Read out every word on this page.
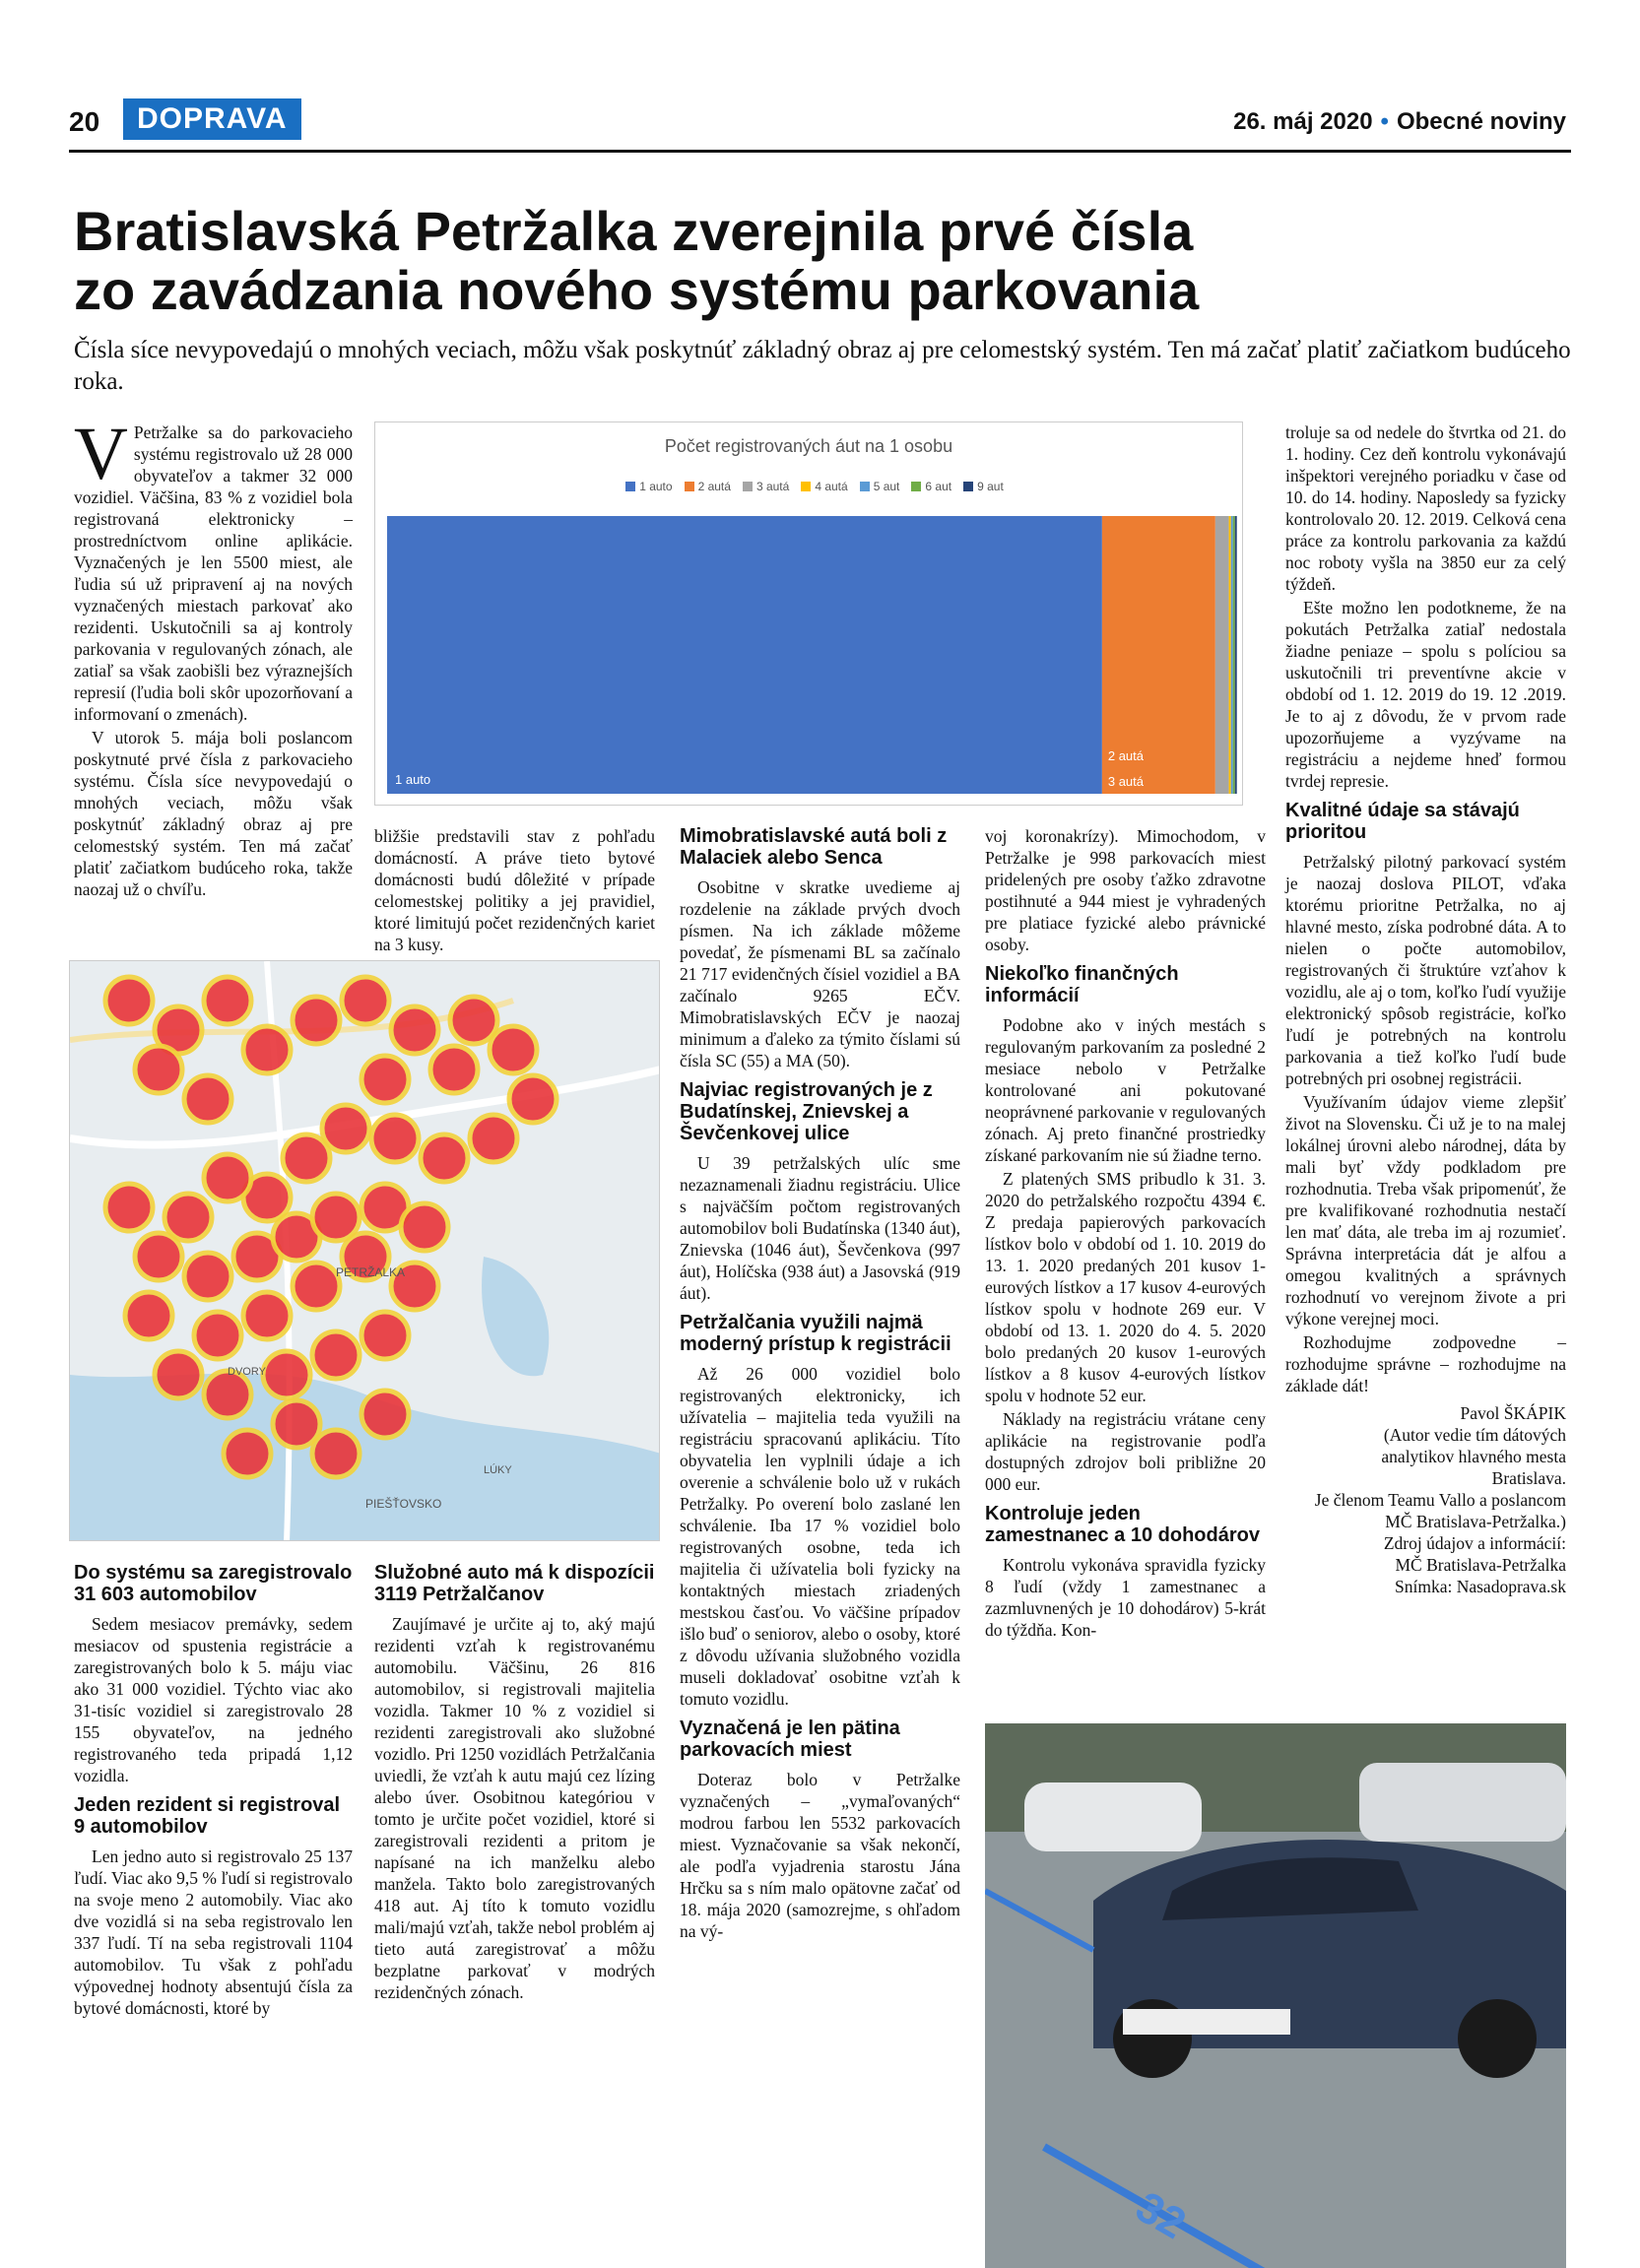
20	DOPRAVA	26. máj 2020 • Obecné noviny
Bratislavská Petržalka zverejnila prvé čísla
zo zavádzania nového systému parkovania
Čísla síce nevypovedajú o mnohých veciach, môžu však poskytnúť základný obraz aj pre celomestský systém. Ten má začať platiť začiatkom budúceho roka.
V Petržalke sa do parkovacieho systému registrovalo už 28 000 obyvateľov a takmer 32 000 vozidiel. Väčšina, 83 % z vozidiel bola registrovaná elektronicky – prostredníctvom online aplikácie. Vyznačených je len 5500 miest, ale ľudia sú už pripravení aj na nových vyznačených miestach parkovať ako rezidenti. Uskutočnili sa aj kontroly parkovania v regulovaných zónach, ale zatiaľ sa však zaobišli bez výraznejších represií (ľudia boli skôr upozorňovaní a informovaní o zmenách).

V utorok 5. mája boli poslancom poskytnuté prvé čísla z parkovacieho systému. Čísla síce nevypovedajú o mnohých veciach, môžu však poskytnúť základný obraz aj pre celomestský systém. Ten má začať platiť začiatkom budúceho roka, takže naozaj už o chvíľu.

Počet registrovaných áut na 1 osobu
1 auto 2 autá 3 autá 4 autá 5 aut 6 aut 9 aut
1 auto
2 autá
3 autá

bližšie predstavili stav z pohľadu domácností. A práve tieto bytové domácnosti budú dôležité v prípade celomestskej politiky a jej pravidiel, ktoré limitujú počet rezidenčných kariet na 3 kusy.

PETRŽALKA
PIEŠŤOVSKO
DVORY
LÚKY
Do systému sa zaregistrovalo 31 603 automobilov

Sedem mesiacov premávky, sedem mesiacov od spustenia registrácie a zaregistrovaných bolo k 5. máju viac ako 31 000 vozidiel. Týchto viac ako 31-tisíc vozidiel si zaregistrovalo 28 155 obyvateľov, na jedného registrovaného teda pripadá 1,12 vozidla.

Jeden rezident si registroval 9 automobilov

Len jedno auto si registrovalo 25 137 ľudí. Viac ako 9,5 % ľudí si registrovalo na svoje meno 2 automobily. Viac ako dve vozidlá si na seba registrovalo len 337 ľudí. Tí na seba registrovali 1104 automobilov. Tu však z pohľadu výpovednej hodnoty absentujú čísla za bytové domácnosti, ktoré by

Služobné auto má k dispozícii 3119 Petržalčanov

Zaujímavé je určite aj to, aký majú rezidenti vzťah k registrovanému automobilu. Väčšinu, 26 816 automobilov, si registrovali majitelia vozidla. Takmer 10 % z vozidiel si rezidenti zaregistrovali ako služobné vozidlo. Pri 1250 vozidlách Petržalčania uviedli, že vzťah k autu majú cez lízing alebo úver. Osobitnou kategóriou v tomto je určite počet vozidiel, ktoré si zaregistrovali rezidenti a pritom je napísané na ich manželku alebo manžela. Takto bolo zaregistrovaných 418 aut. Aj títo k tomuto vozidlu mali/majú vzťah, takže nebol problém aj tieto autá zaregistrovať a môžu bezplatne parkovať v modrých rezidenčných zónach.

Mimobratislavské autá boli z Malaciek alebo Senca

Osobitne v skratke uvedieme aj rozdelenie na základe prvých dvoch písmen. Na ich základe môžeme povedať, že písmenami BL sa začínalo 21 717 evidenčných čísiel vozidiel a BA začínalo 9265 EČV. Mimobratislavských EČV je naozaj minimum a ďaleko za týmito číslami sú čísla SC (55) a MA (50).

Najviac registrovaných je z Budatínskej, Znievskej a Ševčenkovej ulice

U 39 petržalských ulíc sme nezaznamenali žiadnu registráciu. Ulice s najväčším počtom registrovaných automobilov boli Budatínska (1340 áut), Znievska (1046 áut), Ševčenkova (997 áut), Holíčska (938 áut) a Jasovská (919 áut).

Petržalčania využili najmä moderný prístup k registrácii

Až 26 000 vozidiel bolo registrovaných elektronicky, ich užívatelia – majitelia teda využili na registráciu spracovanú aplikáciu. Títo obyvatelia len vyplnili údaje a ich overenie a schválenie bolo už v rukách Petržalky. Po overení bolo zaslané len schválenie. Iba 17 % vozidiel bolo registrovaných osobne, teda ich majitelia či užívatelia boli fyzicky na kontaktných miestach zriadených mestskou časťou. Vo väčšine prípadov išlo buď o seniorov, alebo o osoby, ktoré z dôvodu užívania služobného vozidla museli dokladovať osobitne vzťah k tomuto vozidlu.

Vyznačená je len pätina parkovacích miest

Doteraz bolo v Petržalke vyznačených – „vymaľovaných“ modrou farbou len 5532 parkovacích miest. Vyznačovanie sa však nekončí, ale podľa vyjadrenia starostu Jána Hrčku sa s ním malo opätovne začať od 18. mája 2020 (samozrejme, s ohľadom na vý-

voj koronakrízy). Mimochodom, v Petržalke je 998 parkovacích miest pridelených pre osoby ťažko zdravotne postihnuté a 944 miest je vyhradených pre platiace fyzické alebo právnické osoby.

Niekoľko finančných informácií

Podobne ako v iných mestách s regulovaným parkovaním za posledné 2 mesiace nebolo v Petržalke kontrolované ani pokutované neoprávnené parkovanie v regulovaných zónach. Aj preto finančné prostriedky získané parkovaním nie sú žiadne terno.

Z platených SMS pribudlo k 31. 3. 2020 do petržalského rozpočtu 4394 €. Z predaja papierových parkovacích lístkov bolo v období od 1. 10. 2019 do 13. 1. 2020 predaných 201 kusov 1-eurových lístkov a 17 kusov 4-eurových lístkov spolu v hodnote 269 eur. V období od 13. 1. 2020 do 4. 5. 2020 bolo predaných 20 kusov 1-eurových lístkov a 8 kusov 4-eurových lístkov spolu v hodnote 52 eur.

Náklady na registráciu vrátane ceny aplikácie na registrovanie podľa dostupných zdrojov boli približne 20 000 eur.

Kontroluje jeden zamestnanec a 10 dohodárov

Kontrolu vykonáva spravidla fyzicky 8 ľudí (vždy 1 zamestnanec a zazmluvnených je 10 dohodárov) 5-krát do týždňa. Kon-

troluje sa od nedele do štvrtka od 21. do 1. hodiny. Cez deň kontrolu vykonávajú inšpektori verejného poriadku v čase od 10. do 14. hodiny. Naposledy sa fyzicky kontrolovalo 20. 12. 2019. Celková cena práce za kontrolu parkovania za každú noc roboty vyšla na 3850 eur za celý týždeň.

Ešte možno len podotkneme, že na pokutách Petržalka zatiaľ nedostala žiadne peniaze – spolu s políciou sa uskutočnili tri preventívne akcie v období od 1. 12. 2019 do 19. 12 .2019. Je to aj z dôvodu, že v prvom rade upozorňujeme a vyzývame na registráciu a nejdeme hneď formou tvrdej represie.

Kvalitné údaje sa stávajú prioritou

Petržalský pilotný parkovací systém je naozaj doslova PILOT, vďaka ktorému prioritne Petržalka, no aj hlavné mesto, získa podrobné dáta. A to nielen o počte automobilov, registrovaných či štruktúre vzťahov k vozidlu, ale aj o tom, koľko ľudí využije elektronický spôsob registrácie, koľko ľudí je potrebných na kontrolu parkovania a tiež koľko ľudí bude potrebných pri osobnej registrácii.

Využívaním údajov vieme zlepšiť život na Slovensku. Či už je to na malej lokálnej úrovni alebo národnej, dáta by mali byť vždy podkladom pre rozhodnutia. Treba však pripomenúť, že pre kvalifikované rozhodnutia nestačí len mať dáta, ale treba im aj rozumieť. Správna interpretácia dát je alfou a omegou kvalitných a správnych rozhodnutí vo verejnom živote a pri výkone verejnej moci.

Rozhodujme zodpovedne – rozhodujme správne – rozhodujme na základe dát!

Pavol ŠKÁPIK
(Autor vedie tím dátových
analytikov hlavného mesta
Bratislava.
Je členom Teamu Vallo a poslancom MČ Bratislava-Petržalka.)
Zdroj údajov a informácií:
MČ Bratislava-Petržalka
Snímka: Nasadoprava.sk
32
